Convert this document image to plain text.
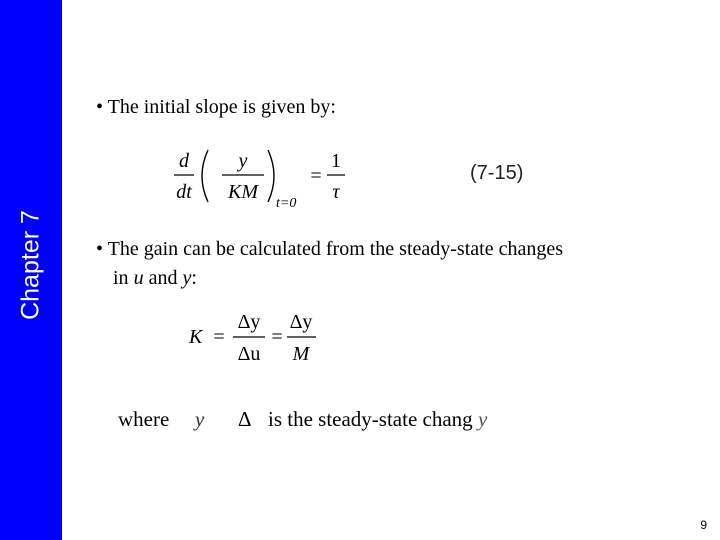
Chapter 7
• The initial slope is given by:
d
dt
y
KM
t=0
=
1
τ
(7-15)
• The gain can be calculated from the steady-state changes
in u and y:
K =
Δy
Δu
=
Δy
M
where y Δ is the steady-state chang y
9
